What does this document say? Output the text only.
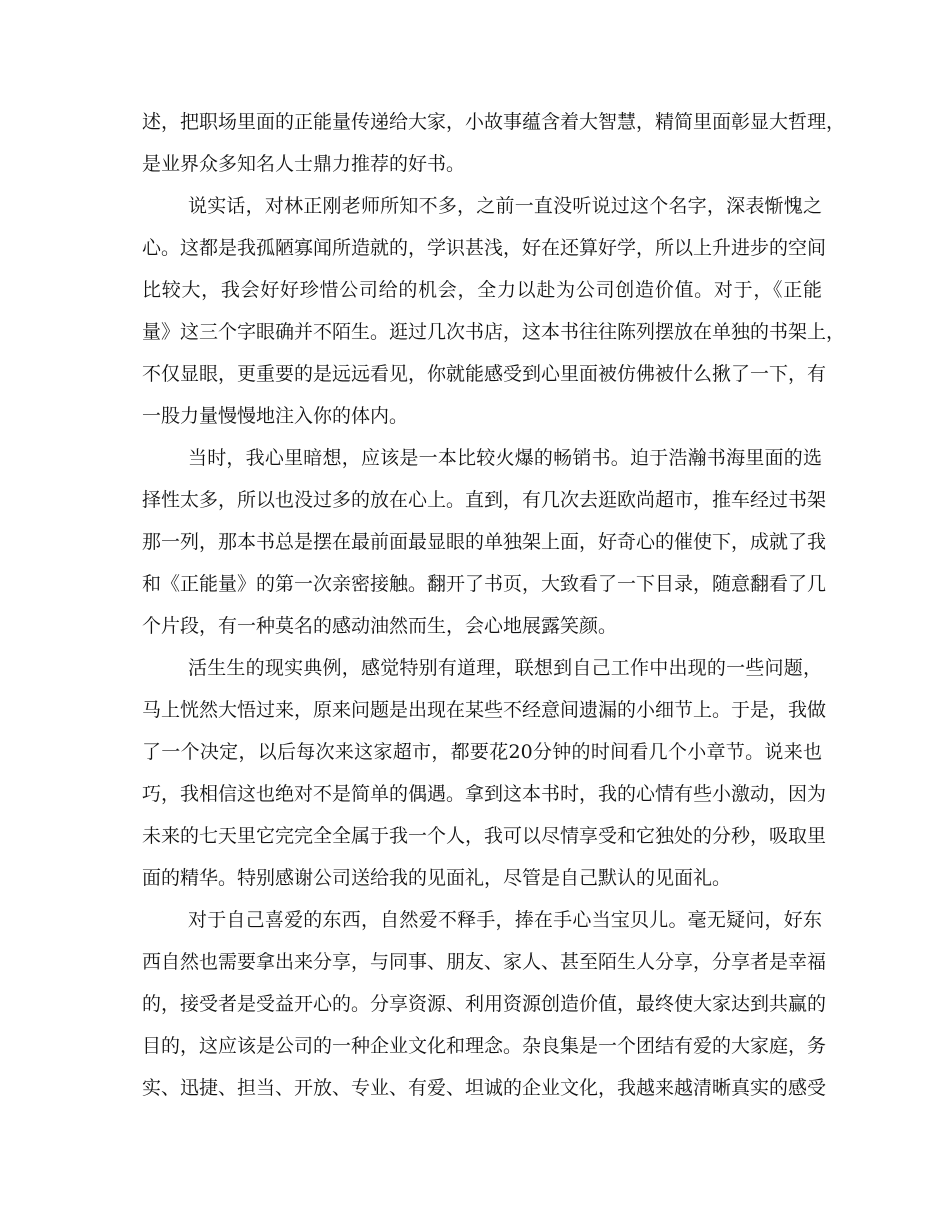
述，把职场里面的正能量传递给大家，小故事蕴含着大智慧，精简里面彰显大哲理，
是业界众多知名人士鼎力推荐的好书。
说实话，对林正刚老师所知不多，之前一直没听说过这个名字，深表惭愧之
心。这都是我孤陋寡闻所造就的，学识甚浅，好在还算好学，所以上升进步的空间
比较大，我会好好珍惜公司给的机会，全力以赴为公司创造价值。对于，《正能
量》这三个字眼确并不陌生。逛过几次书店，这本书往往陈列摆放在单独的书架上，
不仅显眼，更重要的是远远看见，你就能感受到心里面被仿佛被什么揪了一下，有
一股力量慢慢地注入你的体内。
当时，我心里暗想，应该是一本比较火爆的畅销书。迫于浩瀚书海里面的选
择性太多，所以也没过多的放在心上。直到，有几次去逛欧尚超市，推车经过书架
那一列，那本书总是摆在最前面最显眼的单独架上面，好奇心的催使下，成就了我
和《正能量》的第一次亲密接触。翻开了书页，大致看了一下目录，随意翻看了几
个片段，有一种莫名的感动油然而生，会心地展露笑颜。
活生生的现实典例，感觉特别有道理，联想到自己工作中出现的一些问题，
马上恍然大悟过来，原来问题是出现在某些不经意间遗漏的小细节上。于是，我做
了一个决定，以后每次来这家超市，都要花20分钟的时间看几个小章节。说来也
巧，我相信这也绝对不是简单的偶遇。拿到这本书时，我的心情有些小激动，因为
未来的七天里它完完全全属于我一个人，我可以尽情享受和它独处的分秒，吸取里
面的精华。特别感谢公司送给我的见面礼，尽管是自己默认的见面礼。
对于自己喜爱的东西，自然爱不释手，捧在手心当宝贝儿。毫无疑问，好东
西自然也需要拿出来分享，与同事、朋友、家人、甚至陌生人分享，分享者是幸福
的，接受者是受益开心的。分享资源、利用资源创造价值，最终使大家达到共赢的
目的，这应该是公司的一种企业文化和理念。杂良集是一个团结有爱的大家庭，务
实、迅捷、担当、开放、专业、有爱、坦诚的企业文化，我越来越清晰真实的感受
